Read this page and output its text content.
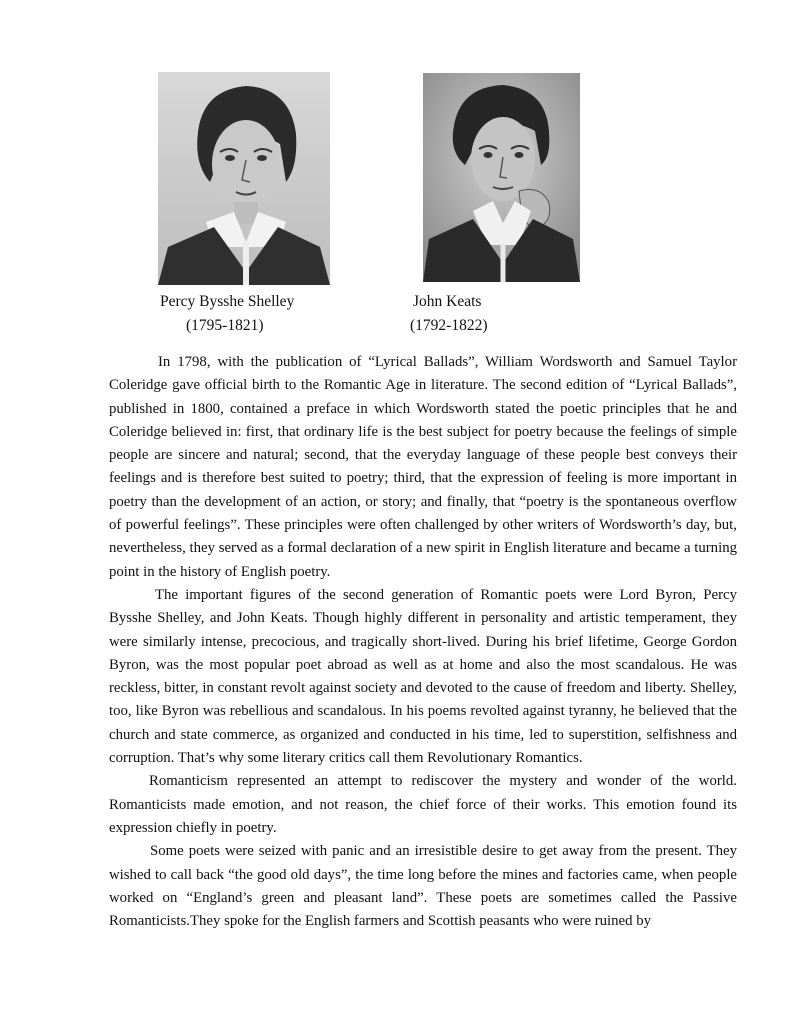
Percy Bysshe Shelley
(1795-1821)
John Keats
(1792-1822)

In 1798, with the publication of “Lyrical Ballads”, William Wordsworth and Samuel Taylor Coleridge gave official birth to the Romantic Age in literature. The second edition of “Lyrical Ballads”, published in 1800, contained a preface in which Wordsworth stated the poetic principles that he and Coleridge believed in: first, that ordinary life is the best subject for poetry because the feelings of simple people are sincere and natural; second, that the everyday language of these people best conveys their feelings and is therefore best suited to poetry; third, that the expression of feeling is more important in poetry than the development of an action, or story; and finally, that “poetry is the spontaneous overflow of powerful feelings”. These principles were often challenged by other writers of Wordsworth’s day, but, nevertheless, they served as a formal declaration of a new spirit in English literature and became a turning point in the history of English poetry.

The important figures of the second generation of Romantic poets were Lord Byron, Percy Bysshe Shelley, and John Keats. Though highly different in personality and artistic temperament, they were similarly intense, precocious, and tragically short-lived. During his brief lifetime, George Gordon Byron, was the most popular poet abroad as well as at home and also the most scandalous. He was reckless, bitter, in constant revolt against society and devoted to the cause of freedom and liberty. Shelley, too, like Byron was rebellious and scandalous. In his poems revolted against tyranny, he believed that the church and state commerce, as organized and conducted in his time, led to superstition, selfishness and corruption. That’s why some literary critics call them Revolutionary Romantics.

Romanticism represented an attempt to rediscover the mystery and wonder of the world. Romanticists made emotion, and not reason, the chief force of their works. This emotion found its expression chiefly in poetry.

Some poets were seized with panic and an irresistible desire to get away from the present. They wished to call back “the good old days”, the time long before the mines and factories came, when people worked on “England’s green and pleasant land”. These poets are sometimes called the Passive Romanticists.They spoke for the English farmers and Scottish peasants who were ruined by
